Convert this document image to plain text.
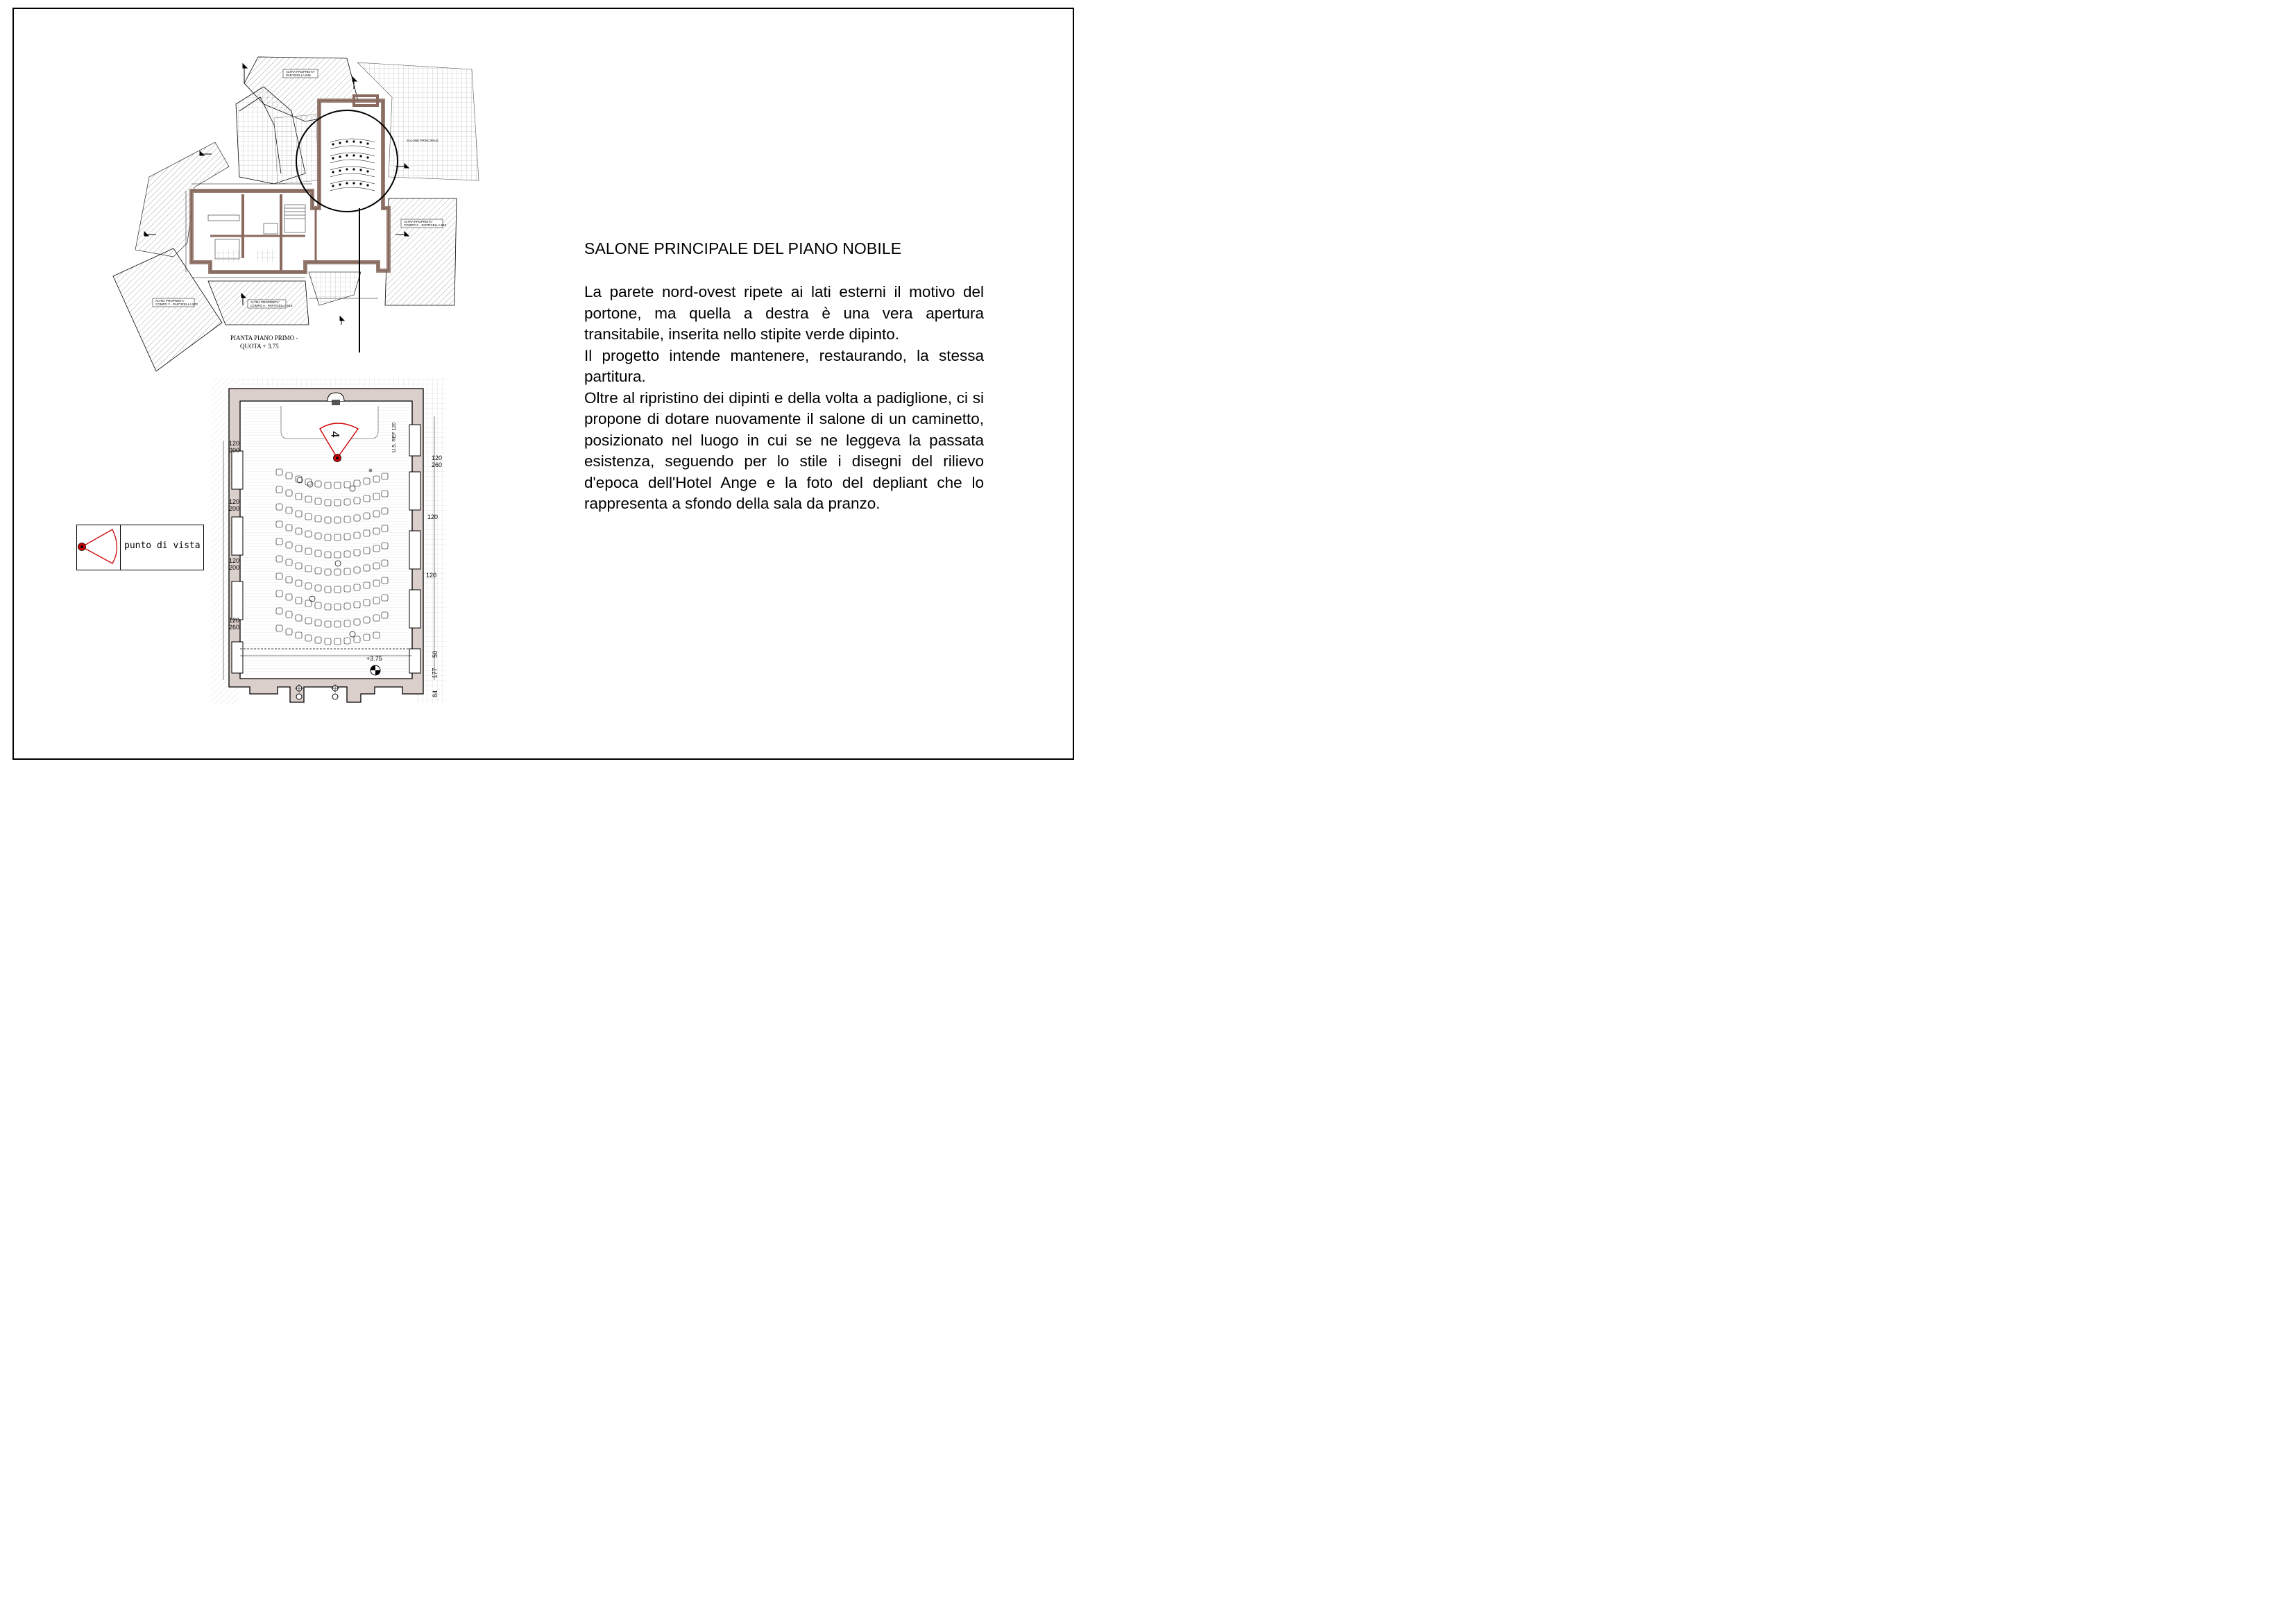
ALTRA PROPRIETA'
PARTICELLA 849
SALONE PRINCIPALE
ALTRA PROPRIETA'
COMPO C - PARTICELLA 518
ALTRA PROPRIETA'
COMPO Y - PARTICELLA 973
ALTRA PROPRIETA'
COMPO A - PARTICELLA 518
4
120
200
120
200
120
200
120
260
120
260
120
120
U.S. REF 120
+3.75
50
177
84
PIANTA PIANO PRIMO -
QUOTA + 3.75
punto di vista
SALONE PRINCIPALE DEL PIANO NOBILE

La parete nord-ovest ripete ai lati esterni il motivo del portone, ma quella a destra è una vera apertura transitabile, inserita nello stipite verde dipinto.

Il progetto intende mantenere, restaurando, la stessa partitura.

Oltre al ripristino dei dipinti e della volta a padiglione, ci si propone di dotare nuovamente il salone di un caminetto, posizionato nel luogo in cui se ne leggeva la passata esistenza, seguendo per lo stile i disegni del rilievo d'epoca dell'Hotel Ange e la foto del depliant che lo rappresenta a sfondo della sala da pranzo.
